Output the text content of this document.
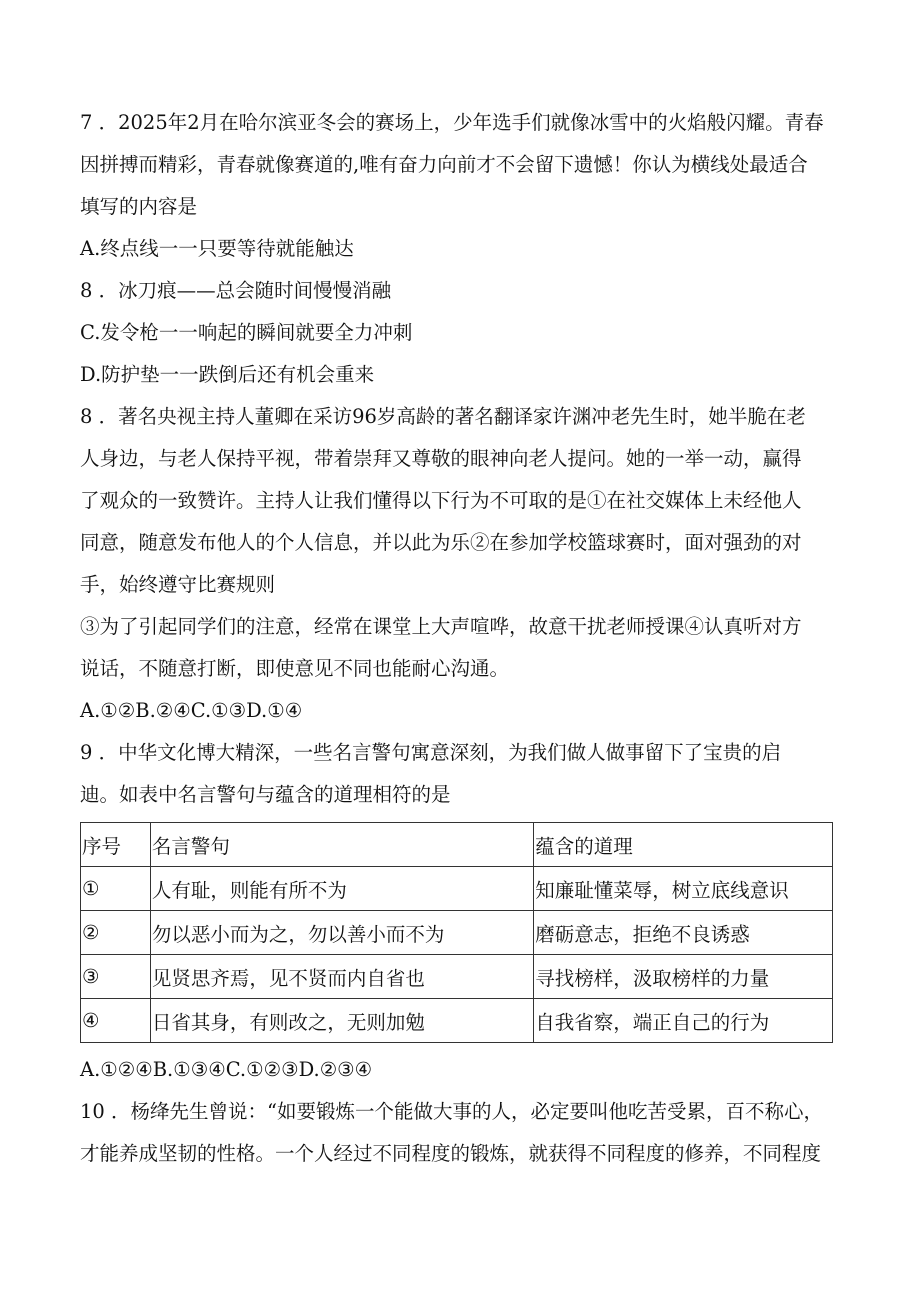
7 ．2025年2月在哈尔滨亚冬会的赛场上，少年选手们就像冰雪中的火焰般闪耀。青春
因拼搏而精彩，青春就像赛道的,唯有奋力向前才不会留下遗憾！你认为横线处最适合
填写的内容是
A.终点线一一只要等待就能触达
8 ．冰刀痕——总会随时间慢慢消融
C.发令枪一一响起的瞬间就要全力冲刺
D.防护垫一一跌倒后还有机会重来
8 ．著名央视主持人董卿在采访96岁高龄的著名翻译家许渊冲老先生时，她半脆在老
人身边，与老人保持平视，带着崇拜又尊敬的眼神向老人提问。她的一举一动，赢得
了观众的一致赞许。主持人让我们懂得以下行为不可取的是①在社交媒体上未经他人
同意，随意发布他人的个人信息，并以此为乐②在参加学校篮球赛时，面对强劲的对
手，始终遵守比赛规则
③为了引起同学们的注意，经常在课堂上大声喧哗，故意干扰老师授课④认真听对方
说话，不随意打断，即使意见不同也能耐心沟通。
A.①②B.②④C.①③D.①④
9 ．中华文化博大精深，一些名言警句寓意深刻，为我们做人做事留下了宝贵的启
迪。如表中名言警句与蕴含的道理相符的是
序号	名言警句	蕴含的道理
①	人有耻，则能有所不为	知廉耻懂菜辱，树立底线意识
②	勿以恶小而为之，勿以善小而不为	磨砺意志，拒绝不良诱惑
③	见贤思齐焉，见不贤而内自省也	寻找榜样，汲取榜样的力量
④	日省其身，有则改之，无则加勉	自我省察，端正自己的行为
A.①②④B.①③④C.①②③D.②③④
10 ．杨绛先生曾说：“如要锻炼一个能做大事的人，必定要叫他吃苦受累，百不称心，
才能养成坚韧的性格。一个人经过不同程度的锻炼，就获得不同程度的修养，不同程度
